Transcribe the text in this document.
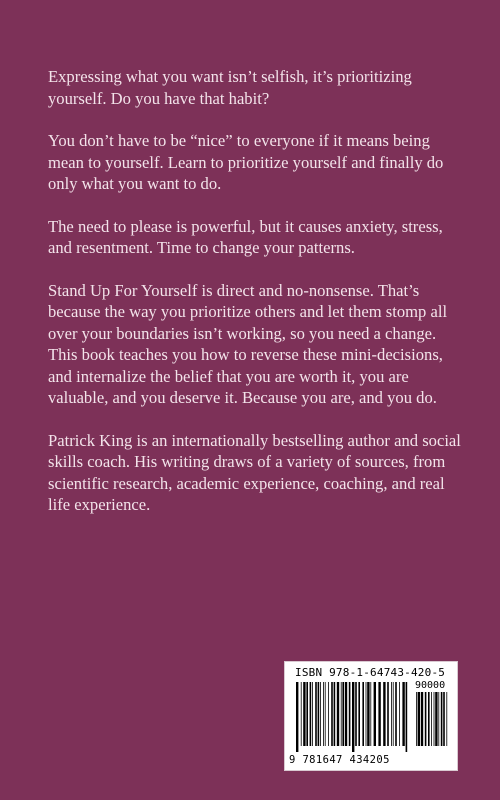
Expressing what you want isn’t selfish, it’s prioritizing yourself. Do you have that habit?

You don’t have to be “nice” to everyone if it means being mean to yourself. Learn to prioritize yourself and finally do only what you want to do.

The need to please is powerful, but it causes anxiety, stress, and resentment. Time to change your patterns.

Stand Up For Yourself is direct and no-nonsense. That’s because the way you prioritize others and let them stomp all over your boundaries isn’t working, so you need a change. This book teaches you how to reverse these mini-decisions, and internalize the belief that you are worth it, you are valuable, and you deserve it. Because you are, and you do.

Patrick King is an internationally bestselling author and social skills coach. His writing draws of a variety of sources, from scientific research, academic experience, coaching, and real life experience.

ISBN 978-1-64743-420-5
90000
9 781647 434205
